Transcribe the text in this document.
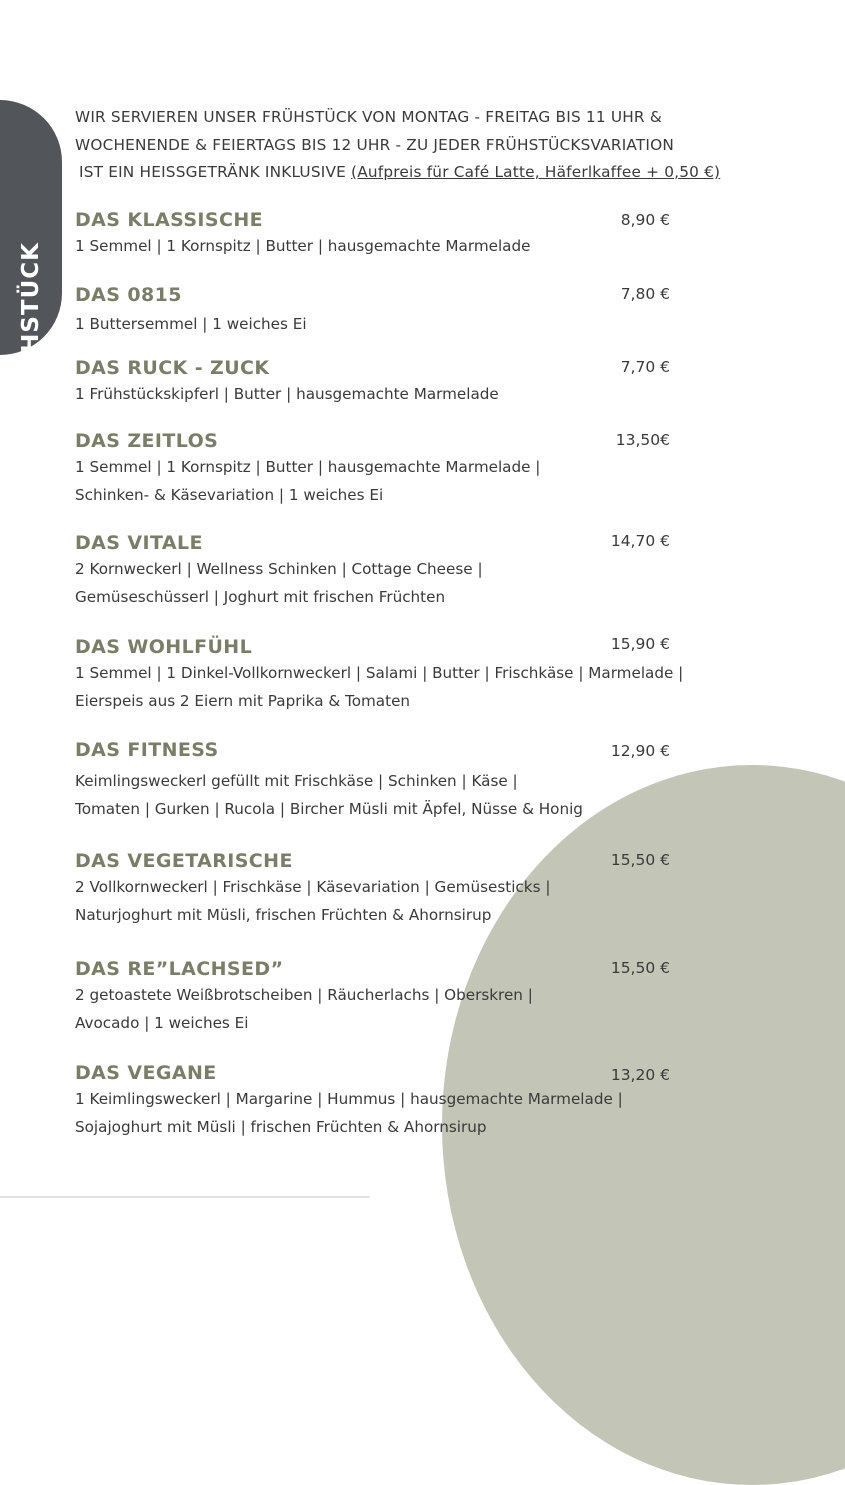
FRÜHSTÜCK
WIR SERVIEREN UNSER FRÜHSTÜCK VON MONTAG - FREITAG BIS 11 UHR &
WOCHENENDE & FEIERTAGS BIS 12 UHR - ZU JEDER FRÜHSTÜCKSVARIATION
IST EIN HEISSGETRÄNK INKLUSIVE (Aufpreis für Café Latte, Häferlkaffee + 0,50 €)
DAS KLASSISCHE	8,90 €
1 Semmel | 1 Kornspitz | Butter | hausgemachte Marmelade
DAS 0815	7,80 €
1 Buttersemmel | 1 weiches Ei
DAS RUCK - ZUCK	7,70 €
1 Frühstückskipferl | Butter | hausgemachte Marmelade
DAS ZEITLOS	13,50€
1 Semmel | 1 Kornspitz | Butter | hausgemachte Marmelade |
Schinken- & Käsevariation | 1 weiches Ei
DAS VITALE	14,70 €
2 Kornweckerl | Wellness Schinken | Cottage Cheese |
Gemüseschüsserl | Joghurt mit frischen Früchten
DAS WOHLFÜHL	15,90 €
1 Semmel | 1 Dinkel-Vollkornweckerl | Salami | Butter | Frischkäse | Marmelade |
Eierspeis aus 2 Eiern mit Paprika & Tomaten
DAS FITNESS	12,90 €
Keimlingsweckerl gefüllt mit Frischkäse | Schinken | Käse |
Tomaten | Gurken | Rucola | Bircher Müsli mit Äpfel, Nüsse & Honig
DAS VEGETARISCHE	15,50 €
2 Vollkornweckerl | Frischkäse | Käsevariation | Gemüsesticks |
Naturjoghurt mit Müsli, frischen Früchten & Ahornsirup
DAS RE”LACHSED”	15,50 €
2 getoastete Weißbrotscheiben | Räucherlachs | Oberskren |
Avocado | 1 weiches Ei
DAS VEGANE	13,20 €
1 Keimlingsweckerl | Margarine | Hummus | hausgemachte Marmelade |
Sojajoghurt mit Müsli | frischen Früchten & Ahornsirup
